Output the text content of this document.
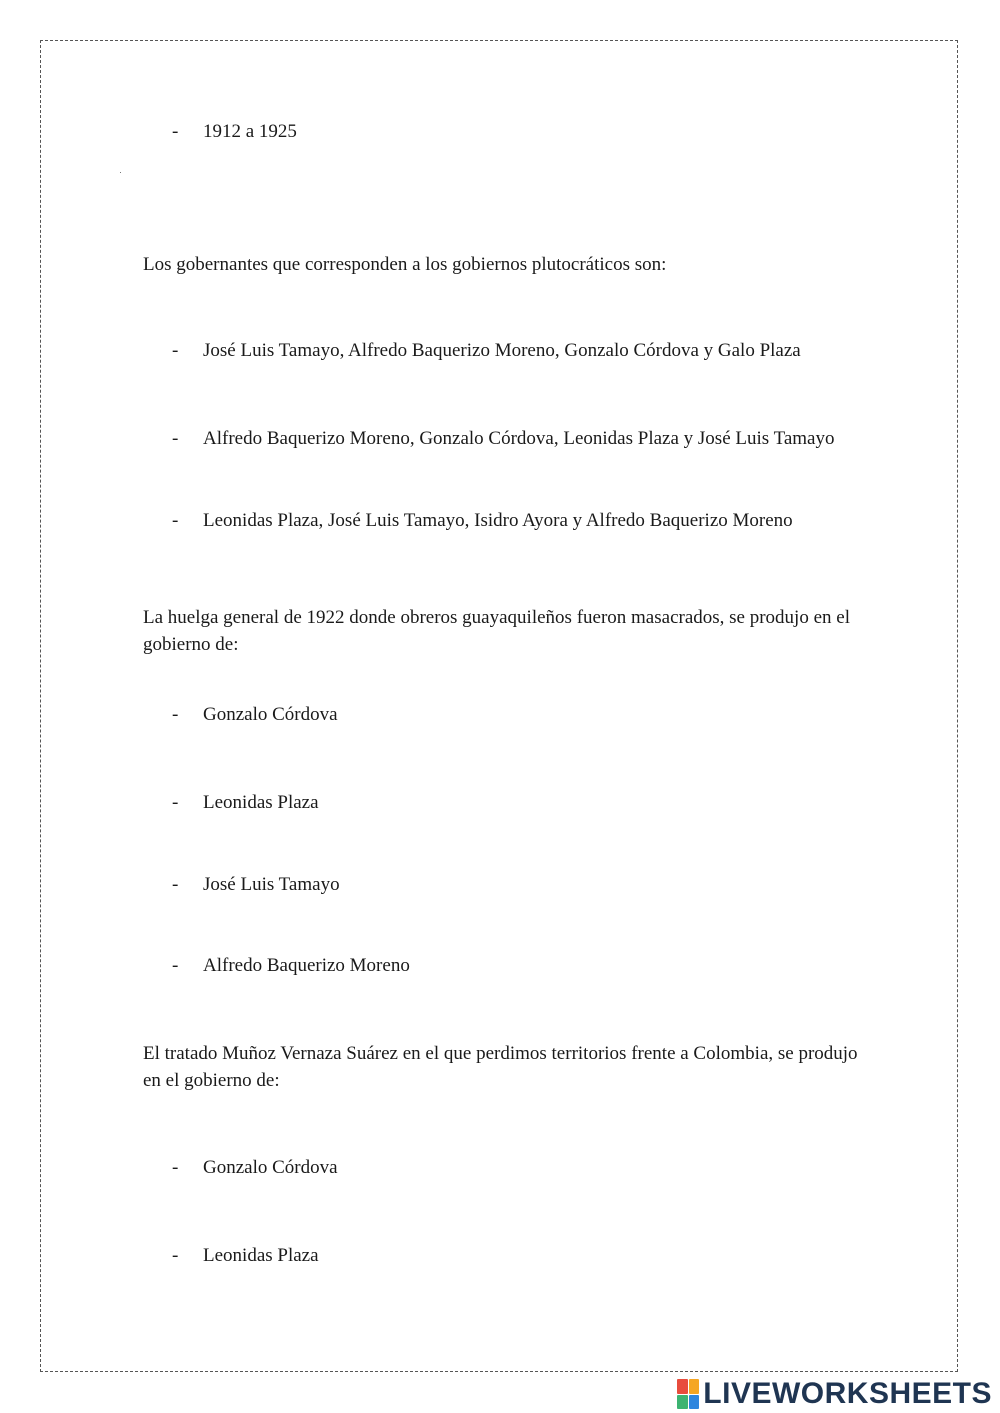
- 1912 a 1925
Los gobernantes que corresponden a los gobiernos plutocráticos son:
- José Luis Tamayo, Alfredo Baquerizo Moreno, Gonzalo Córdova y Galo Plaza
- Alfredo Baquerizo Moreno, Gonzalo Córdova, Leonidas Plaza y José Luis Tamayo
- Leonidas Plaza, José Luis Tamayo, Isidro Ayora y Alfredo Baquerizo Moreno
La huelga general de 1922 donde obreros guayaquileños fueron masacrados, se produjo en el gobierno de:
- Gonzalo Córdova
- Leonidas Plaza
- José Luis Tamayo
- Alfredo Baquerizo Moreno
El tratado Muñoz Vernaza Suárez en el que perdimos territorios frente a Colombia, se produjo en el gobierno de:
- Gonzalo Córdova
- Leonidas Plaza
LIVEWORKSHEETS
